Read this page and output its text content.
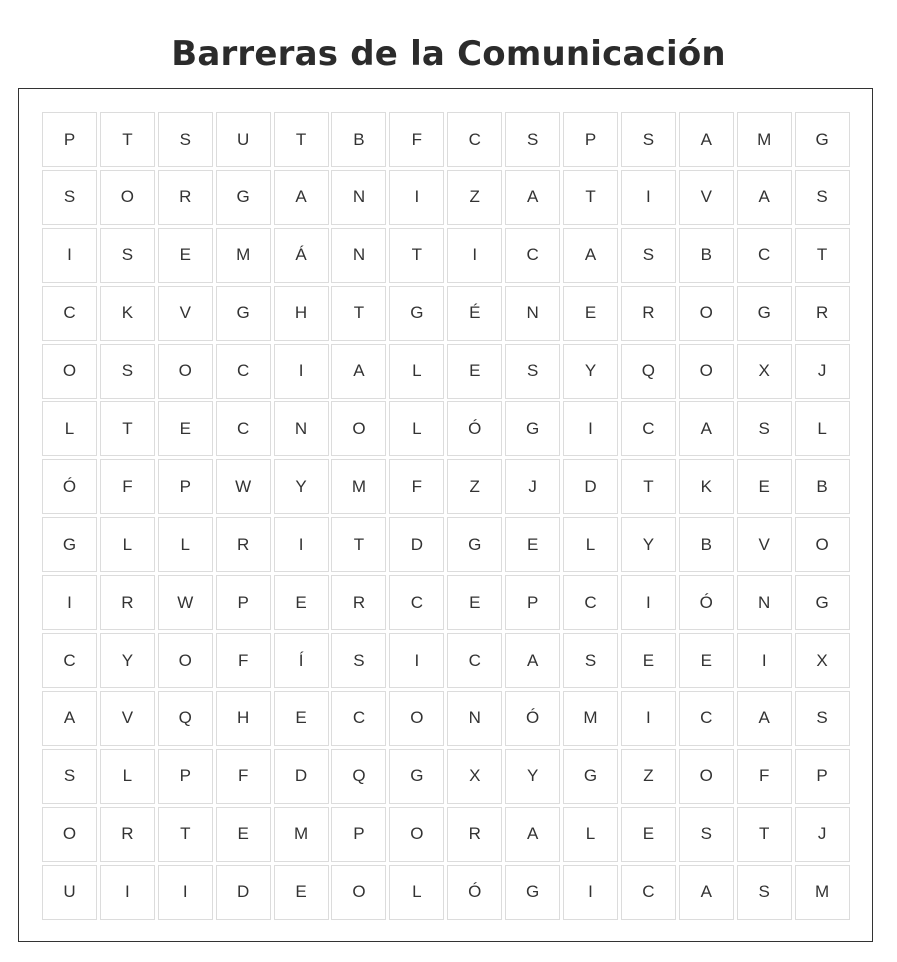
Barreras de la Comunicación
P	T	S	U	T	B	F	C	S	P	S	A	M	G
S	O	R	G	A	N	I	Z	A	T	I	V	A	S
I	S	E	M	Á	N	T	I	C	A	S	B	C	T
C	K	V	G	H	T	G	É	N	E	R	O	G	R
O	S	O	C	I	A	L	E	S	Y	Q	O	X	J
L	T	E	C	N	O	L	Ó	G	I	C	A	S	L
Ó	F	P	W	Y	M	F	Z	J	D	T	K	E	B
G	L	L	R	I	T	D	G	E	L	Y	B	V	O
I	R	W	P	E	R	C	E	P	C	I	Ó	N	G
C	Y	O	F	Í	S	I	C	A	S	E	E	I	X
A	V	Q	H	E	C	O	N	Ó	M	I	C	A	S
S	L	P	F	D	Q	G	X	Y	G	Z	O	F	P
O	R	T	E	M	P	O	R	A	L	E	S	T	J
U	I	I	D	E	O	L	Ó	G	I	C	A	S	M
